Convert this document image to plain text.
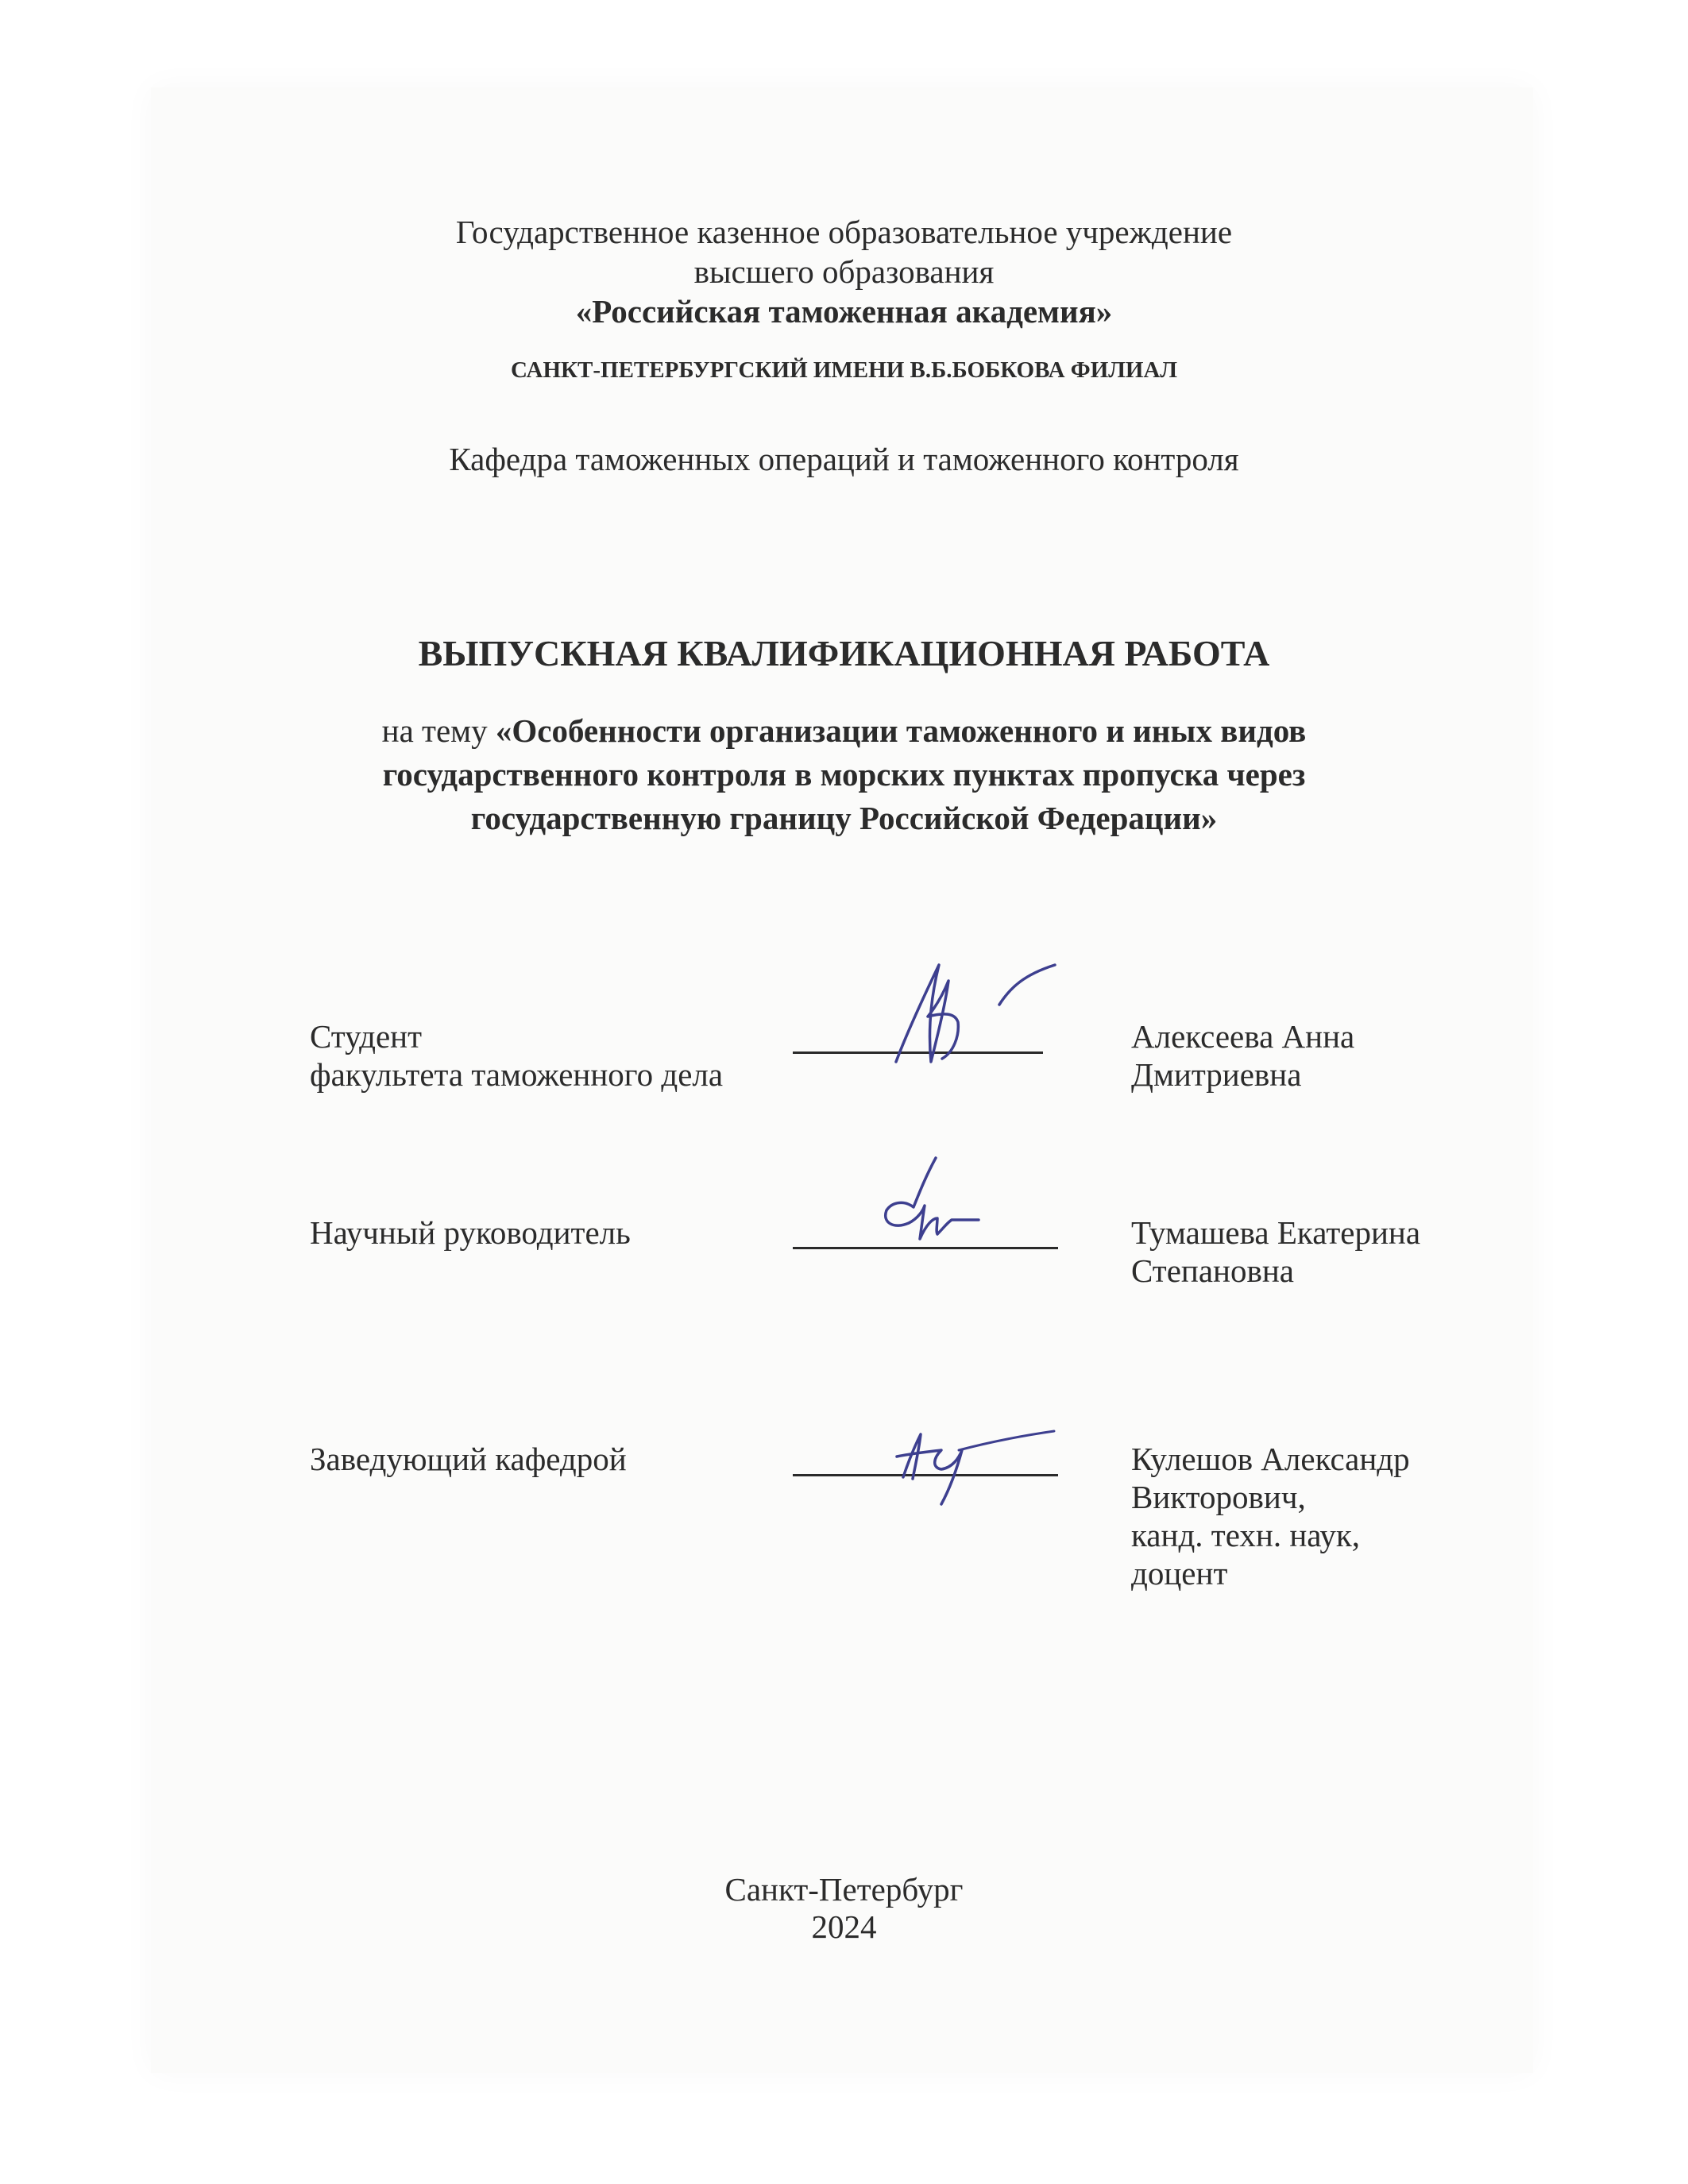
Государственное казенное образовательное учреждение
высшего образования
«Российская таможенная академия»
САНКТ-ПЕТЕРБУРГСКИЙ ИМЕНИ В.Б.БОБКОВА ФИЛИАЛ
Кафедра таможенных операций и таможенного контроля
ВЫПУСКНАЯ КВАЛИФИКАЦИОННАЯ РАБОТА
на тему «Особенности организации таможенного и иных видов
государственного контроля в морских пунктах пропуска через
государственную границу Российской Федерации»
Студент
факультета таможенного дела
Алексеева Анна
Дмитриевна
Научный руководитель	Тумашева Екатерина
Степановна
Заведующий кафедрой	Кулешов Александр
Викторович,
канд. техн. наук,
доцент
Санкт-Петербург
2024
